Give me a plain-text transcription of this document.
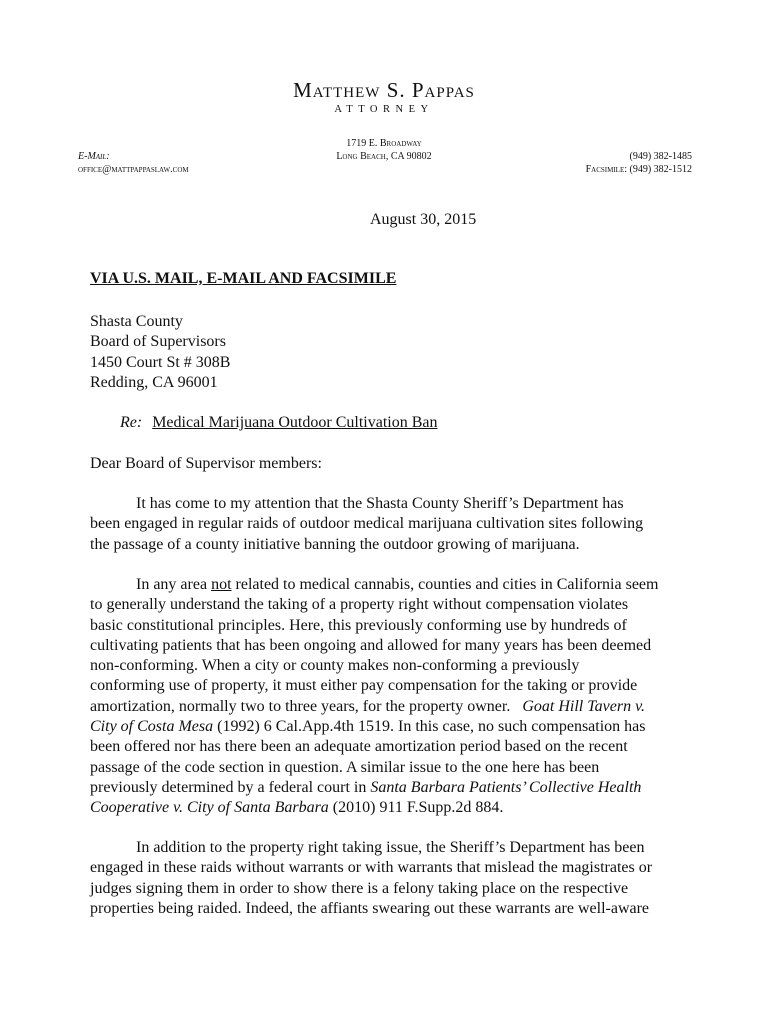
Matthew S. Pappas
ATTORNEY
1719 E. Broadway
Long Beach, CA 90802
E-Mail:
office@mattpappaslaw.com
(949) 382-1485
Facsimile: (949) 382-1512
August 30, 2015
VIA U.S. MAIL, E-MAIL AND FACSIMILE
Shasta County
Board of Supervisors
1450 Court St # 308B
Redding, CA 96001
Re: Medical Marijuana Outdoor Cultivation Ban
Dear Board of Supervisor members:
It has come to my attention that the Shasta County Sheriff’s Department has
been engaged in regular raids of outdoor medical marijuana cultivation sites following
the passage of a county initiative banning the outdoor growing of marijuana.
In any area not related to medical cannabis, counties and cities in California seem
to generally understand the taking of a property right without compensation violates
basic constitutional principles. Here, this previously conforming use by hundreds of
cultivating patients that has been ongoing and allowed for many years has been deemed
non-conforming. When a city or county makes non-conforming a previously
conforming use of property, it must either pay compensation for the taking or provide
amortization, normally two to three years, for the property owner.   Goat Hill Tavern v.
City of Costa Mesa (1992) 6 Cal.App.4th 1519. In this case, no such compensation has
been offered nor has there been an adequate amortization period based on the recent
passage of the code section in question. A similar issue to the one here has been
previously determined by a federal court in Santa Barbara Patients’ Collective Health
Cooperative v. City of Santa Barbara (2010) 911 F.Supp.2d 884.
In addition to the property right taking issue, the Sheriff’s Department has been
engaged in these raids without warrants or with warrants that mislead the magistrates or
judges signing them in order to show there is a felony taking place on the respective
properties being raided. Indeed, the affiants swearing out these warrants are well-aware
